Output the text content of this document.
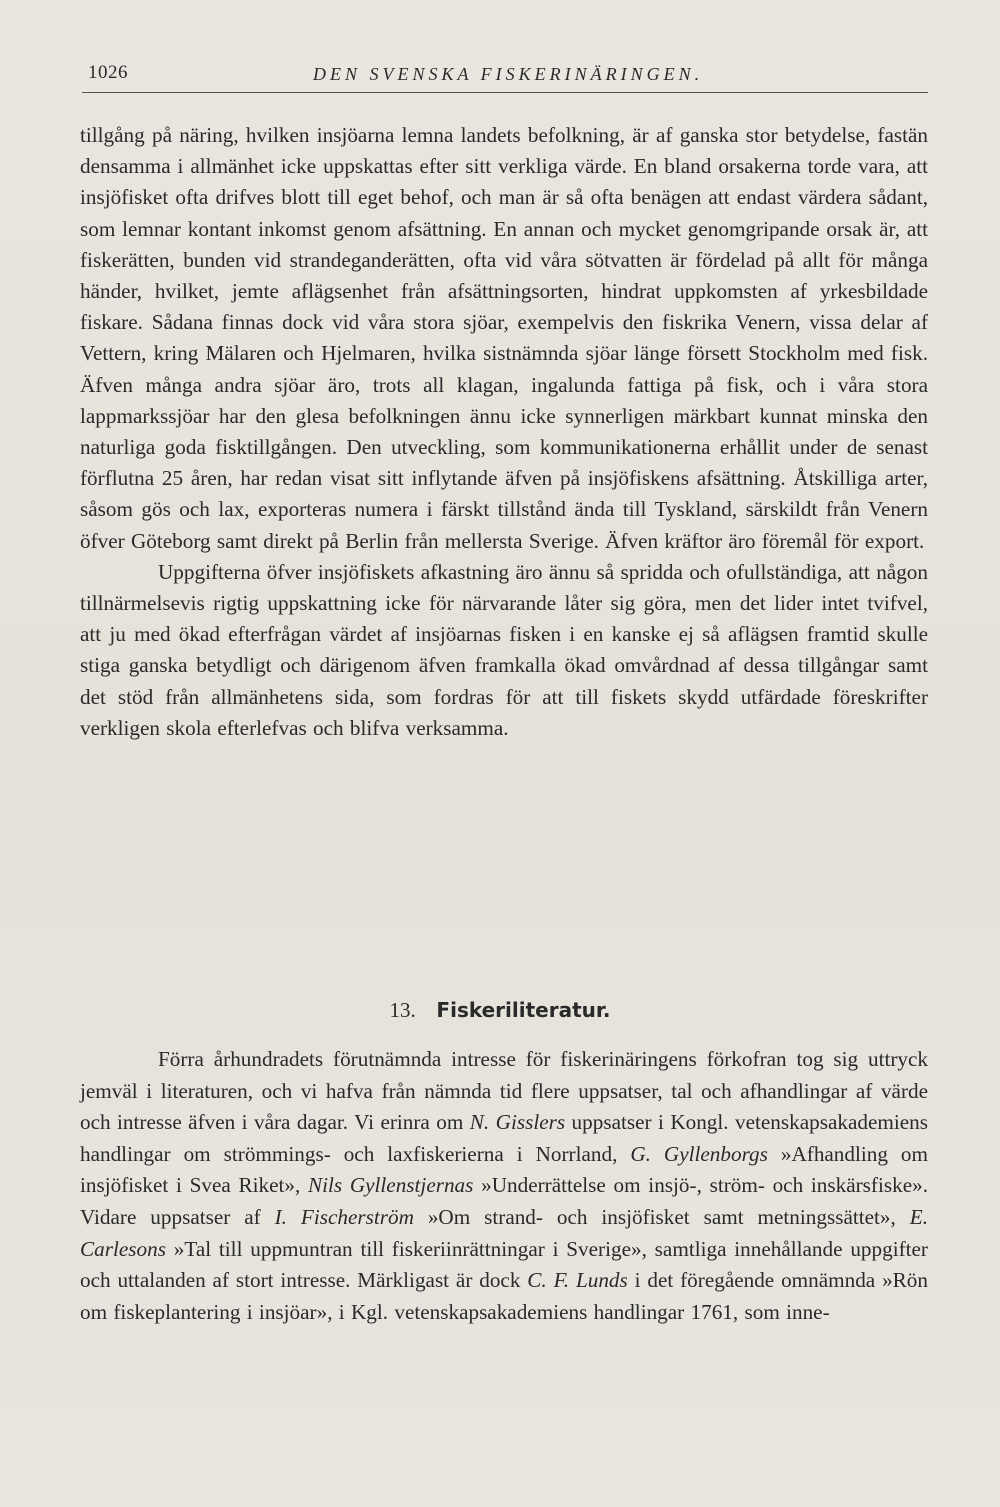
1026	DEN SVENSKA FISKERINÄRINGEN.

tillgång på näring, hvilken insjöarna lemna landets befolkning, är af ganska stor betydelse, fastän densamma i allmänhet icke uppskattas efter sitt verkliga värde. En bland orsakerna torde vara, att insjöfisket ofta drifves blott till eget behof, och man är så ofta benägen att endast värdera sådant, som lemnar kontant inkomst genom afsättning. En annan och mycket genomgripande orsak är, att fiskerätten, bunden vid strandeganderätten, ofta vid våra sötvatten är fördelad på allt för många händer, hvilket, jemte aflägsenhet från afsättningsorten, hindrat uppkomsten af yrkesbildade fiskare. Sådana finnas dock vid våra stora sjöar, exempelvis den fiskrika Venern, vissa delar af Vettern, kring Mälaren och Hjelmaren, hvilka sistnämnda sjöar länge försett Stockholm med fisk. Äfven många andra sjöar äro, trots all klagan, ingalunda fattiga på fisk, och i våra stora lappmarkssjöar har den glesa befolkningen ännu icke synnerligen märkbart kunnat minska den naturliga goda fisktillgången. Den utveckling, som kommunikationerna erhållit under de senast förflutna 25 åren, har redan visat sitt inflytande äfven på insjöfiskens afsättning. Åtskilliga arter, såsom gös och lax, exporteras numera i färskt tillstånd ända till Tyskland, särskildt från Venern öfver Göteborg samt direkt på Berlin från mellersta Sverige. Äfven kräftor äro föremål för export.

Uppgifterna öfver insjöfiskets afkastning äro ännu så spridda och ofullständiga, att någon tillnärmelsevis rigtig uppskattning icke för närvarande låter sig göra, men det lider intet tvifvel, att ju med ökad efterfrågan värdet af insjöarnas fisken i en kanske ej så aflägsen framtid skulle stiga ganska betydligt och därigenom äfven framkalla ökad omvårdnad af dessa tillgångar samt det stöd från allmänhetens sida, som fordras för att till fiskets skydd utfärdade föreskrifter verkligen skola efterlefvas och blifva verksamma.

13. Fiskeriliteratur.

Förra århundradets förutnämnda intresse för fiskerinäringens förkofran tog sig uttryck jemväl i literaturen, och vi hafva från nämnda tid flere uppsatser, tal och afhandlingar af värde och intresse äfven i våra dagar. Vi erinra om N. Gisslers uppsatser i Kongl. vetenskapsakademiens handlingar om strömmings- och laxfiskerierna i Norrland, G. Gyllenborgs »Afhandling om insjöfisket i Svea Riket», Nils Gyllenstjernas »Underrättelse om insjö-, ström- och inskärsfiske». Vidare uppsatser af I. Fischerström »Om strand- och insjöfisket samt metningssättet», E. Carlesons »Tal till uppmuntran till fiskeriinrättningar i Sverige», samtliga innehållande uppgifter och uttalanden af stort intresse. Märkligast är dock C. F. Lunds i det föregående omnämnda »Rön om fiskeplantering i insjöar», i Kgl. vetenskapsakademiens handlingar 1761, som inne-
